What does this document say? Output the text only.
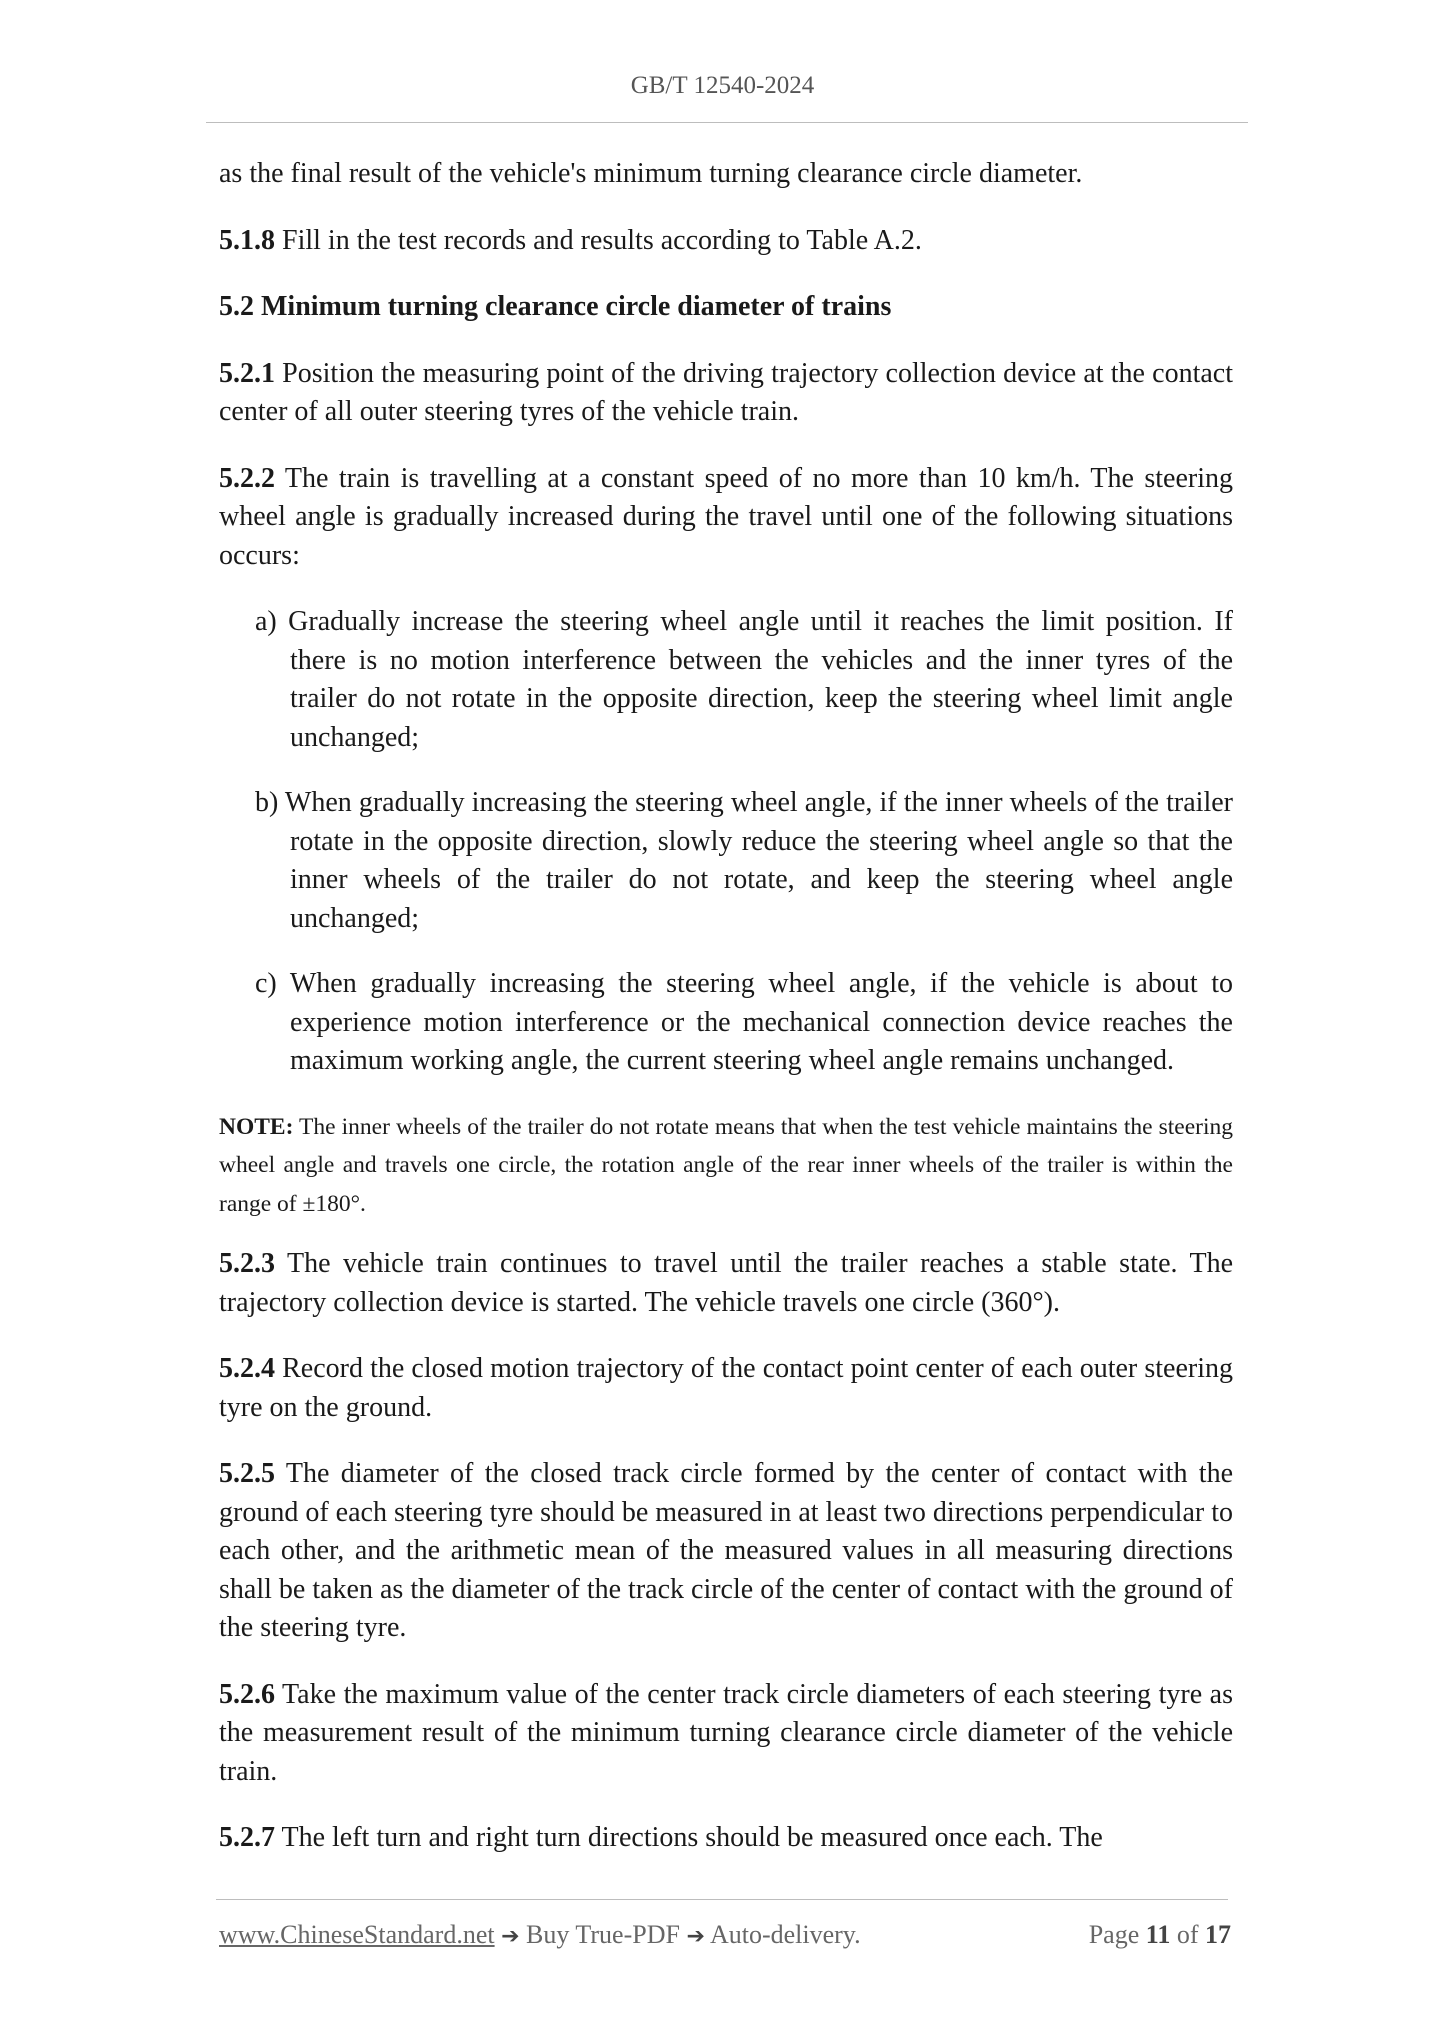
GB/T 12540-2024

as the final result of the vehicle's minimum turning clearance circle diameter.

5.1.8 Fill in the test records and results according to Table A.2.

5.2 Minimum turning clearance circle diameter of trains

5.2.1 Position the measuring point of the driving trajectory collection device at the contact center of all outer steering tyres of the vehicle train.

5.2.2 The train is travelling at a constant speed of no more than 10 km/h. The steering wheel angle is gradually increased during the travel until one of the following situations occurs:

a) Gradually increase the steering wheel angle until it reaches the limit position. If there is no motion interference between the vehicles and the inner tyres of the trailer do not rotate in the opposite direction, keep the steering wheel limit angle unchanged;

b) When gradually increasing the steering wheel angle, if the inner wheels of the trailer rotate in the opposite direction, slowly reduce the steering wheel angle so that the inner wheels of the trailer do not rotate, and keep the steering wheel angle unchanged;

c) When gradually increasing the steering wheel angle, if the vehicle is about to experience motion interference or the mechanical connection device reaches the maximum working angle, the current steering wheel angle remains unchanged.

NOTE: The inner wheels of the trailer do not rotate means that when the test vehicle maintains the steering wheel angle and travels one circle, the rotation angle of the rear inner wheels of the trailer is within the range of ±180°.

5.2.3 The vehicle train continues to travel until the trailer reaches a stable state. The trajectory collection device is started. The vehicle travels one circle (360°).

5.2.4 Record the closed motion trajectory of the contact point center of each outer steering tyre on the ground.

5.2.5 The diameter of the closed track circle formed by the center of contact with the ground of each steering tyre should be measured in at least two directions perpendicular to each other, and the arithmetic mean of the measured values in all measuring directions shall be taken as the diameter of the track circle of the center of contact with the ground of the steering tyre.

5.2.6 Take the maximum value of the center track circle diameters of each steering tyre as the measurement result of the minimum turning clearance circle diameter of the vehicle train.

5.2.7 The left turn and right turn directions should be measured once each. The

www.ChineseStandard.net ➔ Buy True-PDF ➔ Auto-delivery.	Page 11 of 17
